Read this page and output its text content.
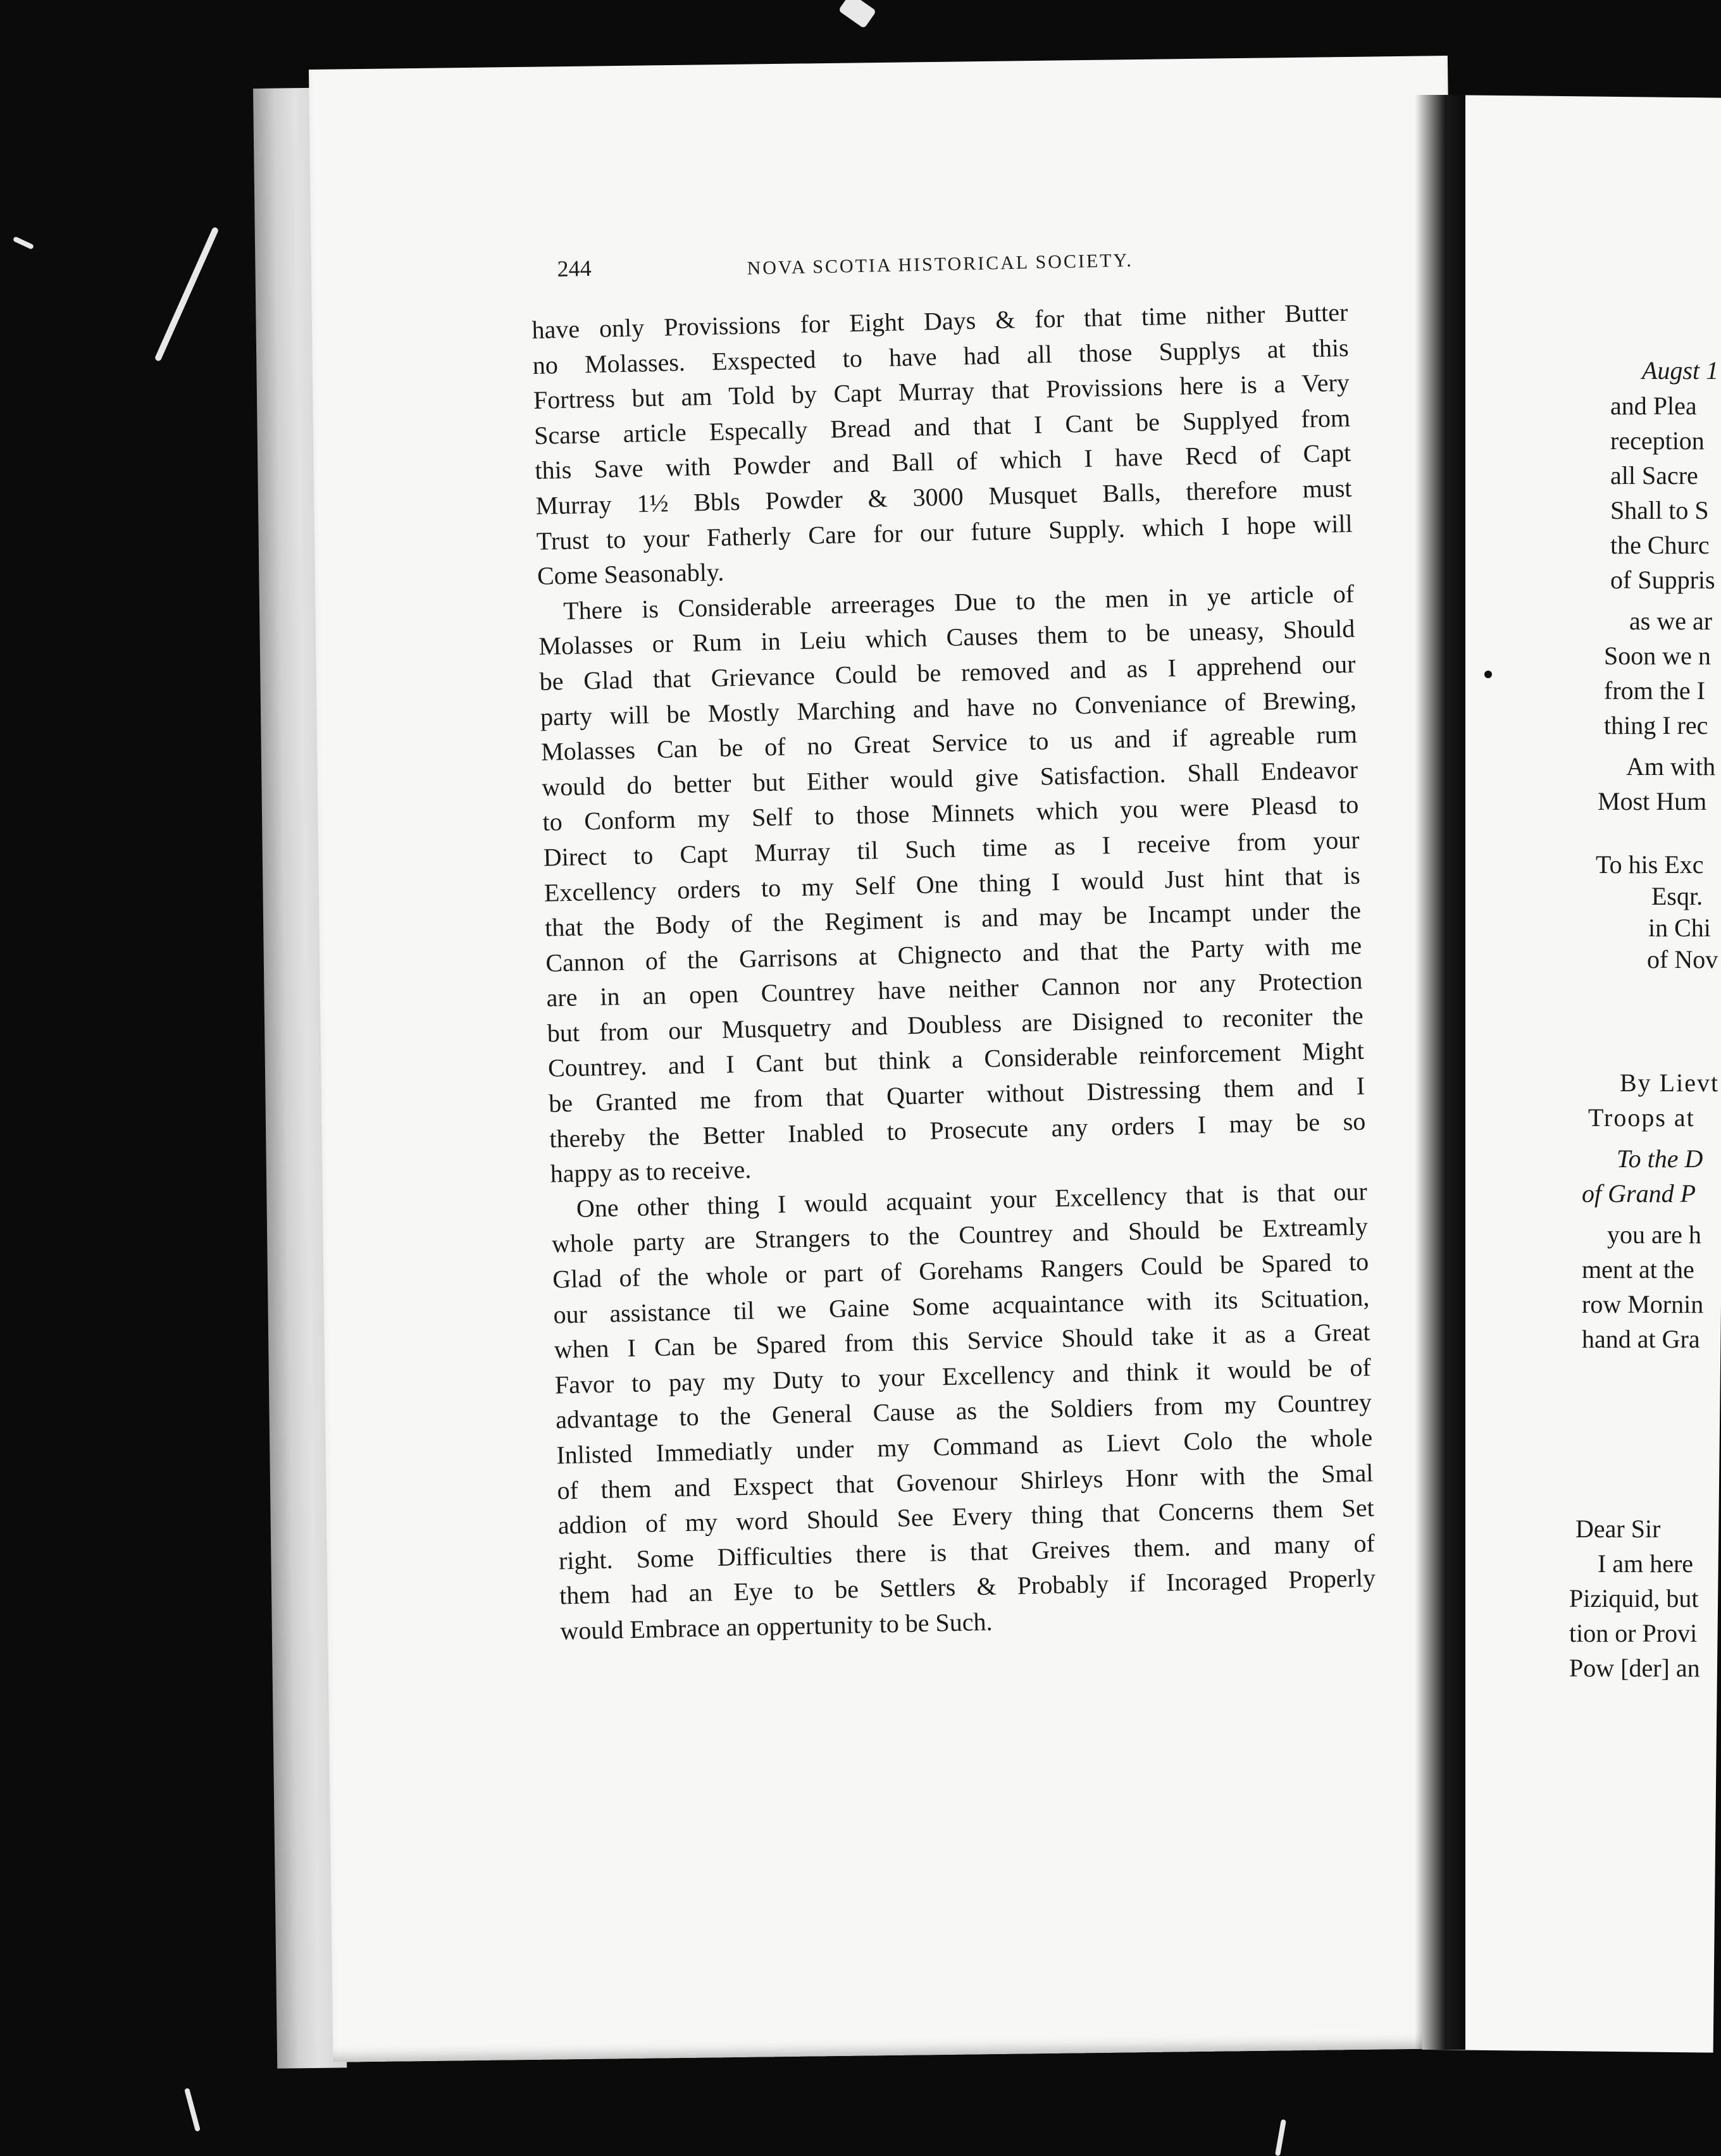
244	NOVA SCOTIA HISTORICAL SOCIETY.

have only Provissions for Eight Days & for that time nither Butter

no Molasses. Exspected to have had all those Supplys at this

Fortress but am Told by Capt Murray that Provissions here is a Very

Scarse article Especally Bread and that I Cant be Supplyed from

this Save with Powder and Ball of which I have Recd of Capt

Murray 1½ Bbls Powder & 3000 Musquet Balls, therefore must

Trust to your Fatherly Care for our future Supply. which I hope will

Come Seasonably.

There is Considerable arreerages Due to the men in ye article of

Molasses or Rum in Leiu which Causes them to be uneasy, Should

be Glad that Grievance Could be removed and as I apprehend our

party will be Mostly Marching and have no Conveniance of Brewing,

Molasses Can be of no Great Service to us and if agreable rum

would do better but Either would give Satisfaction. Shall Endeavor

to Conform my Self to those Minnets which you were Pleasd to

Direct to Capt Murray til Such time as I receive from your

Excellency orders to my Self One thing I would Just hint that is

that the Body of the Regiment is and may be Incampt under the

Cannon of the Garrisons at Chignecto and that the Party with me

are in an open Countrey have neither Cannon nor any Protection

but from our Musquetry and Doubless are Disigned to reconiter the

Countrey. and I Cant but think a Considerable reinforcement Might

be Granted me from that Quarter without Distressing them and I

thereby the Better Inabled to Prosecute any orders I may be so

happy as to receive.

One other thing I would acquaint your Excellency that is that our

whole party are Strangers to the Countrey and Should be Extreamly

Glad of the whole or part of Gorehams Rangers Could be Spared to

our assistance til we Gaine Some acquaintance with its Scituation,

when I Can be Spared from this Service Should take it as a Great

Favor to pay my Duty to your Excellency and think it would be of

advantage to the General Cause as the Soldiers from my Countrey

Inlisted Immediatly under my Command as Lievt Colo the whole

of them and Exspect that Govenour Shirleys Honr with the Smal

addion of my word Should See Every thing that Concerns them Set

right. Some Difficulties there is that Greives them. and many of

them had an Eye to be Settlers & Probably if Incoraged Properly

would Embrace an oppertunity to be Such.

Augst 1
and Plea
reception
all Sacre
Shall to S
the Churc
of Suppris
as we ar
Soon we n
from the I
thing I rec
Am with
Most Hum
To his Exc
Esqr.
in Chi
of Nov
By Lievt
Troops at
To the D
of Grand P
you are h
ment at the
row Mornin
hand at Gra
Dear Sir
I am here
Piziquid, but
tion or Provi
Pow [der] an
